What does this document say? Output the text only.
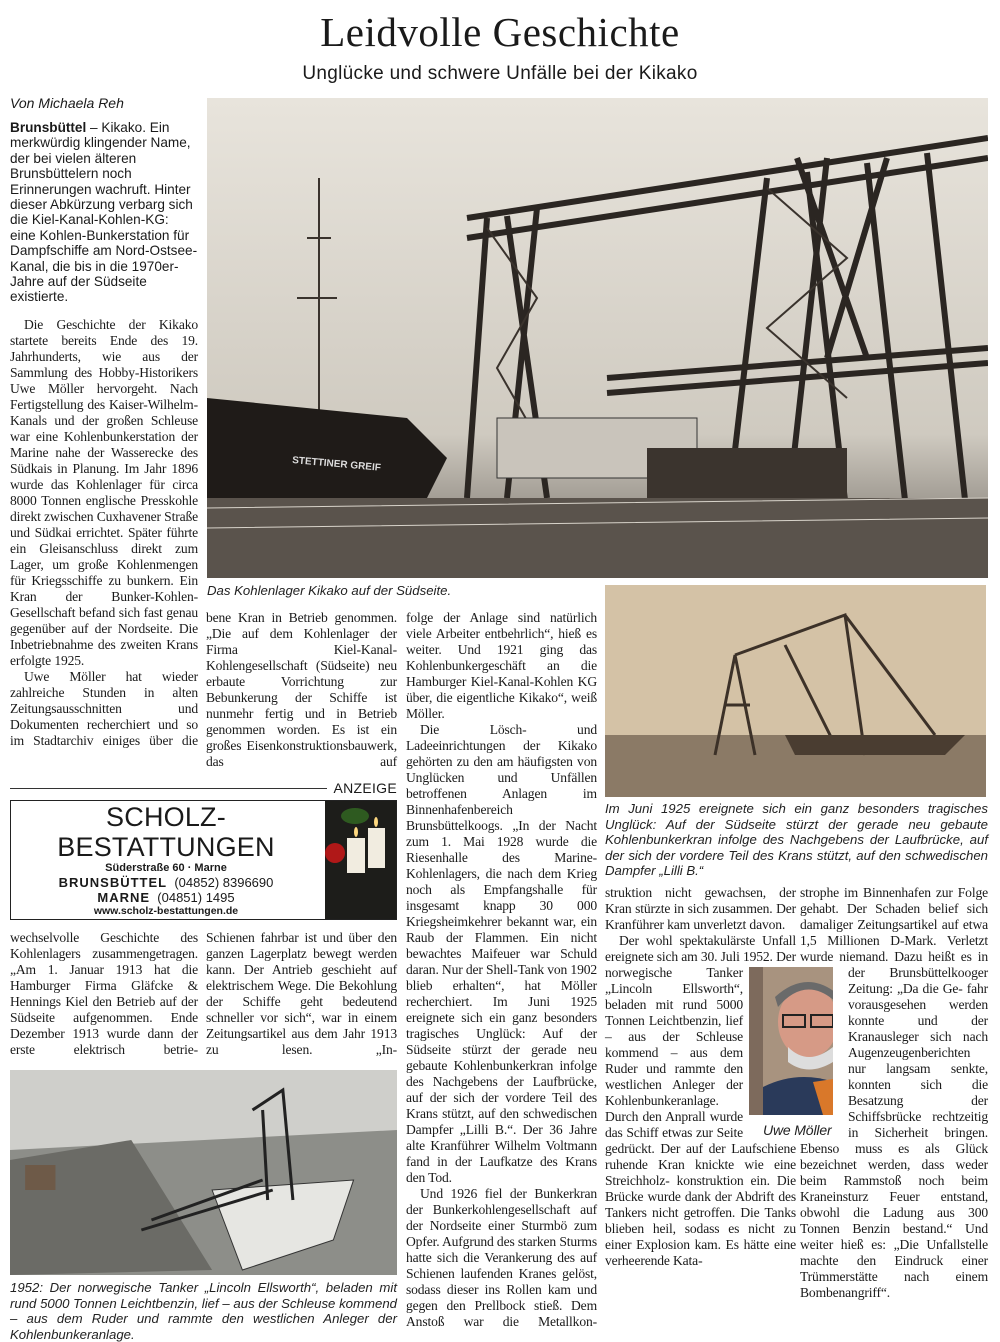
Leidvolle Geschichte
Unglücke und schwere Unfälle bei der Kikako
STETTINER GREIF
Das Kohlenlager Kikako auf der Südseite.
Von Michaela Reh
Brunsbüttel – Kikako. Ein merkwürdig klingender Name, der bei vielen älteren Brunsbüttelern noch Erinnerungen wachruft. Hinter dieser Abkürzung verbarg sich die Kiel-Kanal-Kohlen-KG: eine Kohlen-Bunkerstation für Dampfschiffe am Nord-Ostsee-Kanal, die bis in die 1970er-Jahre auf der Südseite existierte.

Die Geschichte der Kikako startete bereits Ende des 19. Jahrhunderts, wie aus der Sammlung des Hobby-Historikers Uwe Möller hervorgeht. Nach Fertigstellung des Kaiser-Wilhelm-Kanals und der großen Schleuse war eine Kohlenbunkerstation der Marine nahe der Wasserecke des Südkais in Planung. Im Jahr 1896 wurde das Kohlenlager für circa 8000 Tonnen englische Presskohle direkt zwischen Cuxhavener Straße und Südkai errichtet. Später führte ein Gleisanschluss direkt zum Lager, um große Kohlenmengen für Kriegsschiffe zu bunkern. Ein Kran der Bunker-Kohlen-Gesellschaft befand sich fast genau gegenüber auf der Nordseite. Die Inbetriebnahme des zweiten Krans erfolgte 1925.

Uwe Möller hat wieder zahlreiche Stunden in alten Zeitungsausschnitten und Dokumenten recherchiert und so im Stadtarchiv einiges über die

bene Kran in Betrieb genommen. „Die auf dem Kohlenlager der Firma Kiel-Kanal-Kohlengesellschaft (Südseite) neu erbaute Vorrichtung zur Bebunkerung der Schiffe ist nunmehr fertig und in Betrieb genommen worden. Es ist ein großes Eisenkonstruktionsbauwerk, das auf

ANZEIGE
SCHOLZ-BESTATTUNGEN
Süderstraße 60 · Marne
BRUNSBÜTTEL (04852) 8396690
MARNE (04851) 1495
www.scholz-bestattungen.de

wechselvolle Geschichte des Kohlenlagers zusammengetragen. „Am 1. Januar 1913 hat die Hamburger Firma Gläfcke & Hennings Kiel den Betrieb auf der Südseite aufgenommen. Ende Dezember 1913 wurde dann der erste elektrisch betrie-

Schienen fahrbar ist und über den ganzen Lagerplatz bewegt werden kann. Der Antrieb geschieht auf elektrischem Wege. Die Bekohlung der Schiffe geht bedeutend schneller vor sich“, war in einem Zeitungsartikel aus dem Jahr 1913 zu lesen. „In-

1952: Der norwegische Tanker „Lincoln Ellsworth“, beladen mit rund 5000 Tonnen Leichtbenzin, lief – aus der Schleuse kommend – aus dem Ruder und rammte den westlichen Anleger der Kohlenbunkeranlage.

folge der Anlage sind natürlich viele Arbeiter entbehrlich“, hieß es weiter. Und 1921 ging das Kohlenbunkergeschäft an die Hamburger Kiel-Kanal-Kohlen KG über, die eigentliche Kikako“, weiß Möller.

Die Lösch- und Ladeeinrichtungen der Kikako gehörten zu den am häufigsten von Unglücken und Unfällen betroffenen Anlagen im Binnenhafenbereich Brunsbüttelkoogs. „In der Nacht zum 1. Mai 1928 wurde die Riesenhalle des Marine-Kohlenlagers, die nach dem Krieg noch als Empfangshalle für insgesamt knapp 30 000 Kriegsheimkehrer bekannt war, ein Raub der Flammen. Ein nicht bewachtes Maifeuer war Schuld daran. Nur der Shell-Tank von 1902 blieb erhalten“, hat Möller recherchiert. Im Juni 1925 ereignete sich ein ganz besonders tragisches Unglück: Auf der Südseite stürzt der gerade neu gebaute Kohlenbunkerkran infolge des Nachgebens der Laufbrücke, auf der sich der vordere Teil des Krans stützt, auf den schwedischen Dampfer „Lilli B.“. Der 36 Jahre alte Kranführer Wilhelm Voltmann fand in der Laufkatze des Krans den Tod.

Und 1926 fiel der Bunkerkran der Bunkerkohlengesellschaft auf der Nordseite einer Sturmbö zum Opfer. Aufgrund des starken Sturms hatte sich die Verankerung des auf Schienen laufenden Kranes gelöst, sodass dieser ins Rollen kam und gegen den Prellbock stieß. Dem Anstoß war die Metallkon-

Im Juni 1925 ereignete sich ein ganz besonders tragisches Unglück: Auf der Südseite stürzt der gerade neu gebaute Kohlenbunkerkran infolge des Nachgebens der Laufbrücke, auf der sich der vordere Teil des Krans stützt, auf den schwedischen Dampfer „Lilli B.“

struktion nicht gewachsen, der Kran stürzte in sich zusammen. Der Kranführer kam unverletzt davon.

Der wohl spektakulärste Unfall ereignete sich am 30. Juli 1952. Der norwegische Tanker
Uwe Möller
„Lincoln Ellsworth“, beladen mit rund 5000 Tonnen Leichtbenzin, lief – aus der Schleuse kommend – aus dem Ruder und rammte den westlichen Anleger der Kohlenbunkeranlage. Durch den Anprall wurde das Schiff etwas zur Seite gedrückt. Der auf der Laufschiene ruhende Kran knickte wie eine Streichholz- konstruktion ein. Die Brücke wurde dank der Abdrift des Tankers nicht getroffen. Die Tanks blieben heil, sodass es nicht zu einer Explosion kam. Es hätte eine verheerende Kata-

strophe im Binnenhafen zur Folge gehabt. Der Schaden belief sich damaliger Zeitungsartikel auf etwa 1,5 Millionen D-Mark. Verletzt wurde niemand. Dazu heißt es in der Brunsbüttelkooger Zeitung: „Da die Ge- fahr vorausgesehen werden konnte und der Kranausleger sich nach Augenzeugenberichten nur langsam senkte, konnten sich die Besatzung der Schiffsbrücke rechtzeitig in Sicherheit bringen. Ebenso muss es als Glück bezeichnet werden, dass weder beim Rammstoß noch beim Kraneinsturz Feuer entstand, obwohl die Ladung aus 300 Tonnen Benzin bestand.“ Und weiter hieß es: „Die Unfallstelle machte den Eindruck einer Trümmerstätte nach einem Bombenangriff“.
